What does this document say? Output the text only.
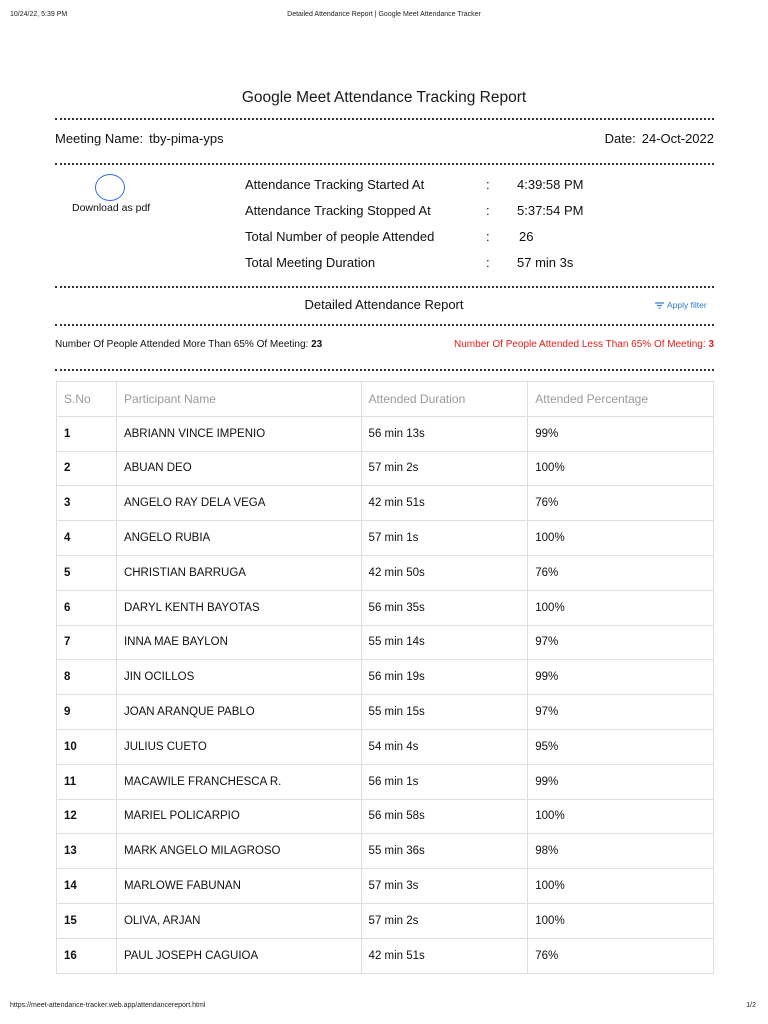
10/24/22, 5:39 PM	Detailed Attendance Report | Google Meet Attendance Tracker
Google Meet Attendance Tracking Report
Meeting Name: tby-pima-yps	Date: 24-Oct-2022
Download as pdf
Attendance Tracking Started At	: 4:39:58 PM
Attendance Tracking Stopped At	: 5:37:54 PM
Total Number of people Attended	: 26
Total Meeting Duration	: 57 min 3s
Detailed Attendance Report	Apply filter
Number Of People Attended More Than 65% Of Meeting: 23	Number Of People Attended Less Than 65% Of Meeting: 3
S.No	Participant Name	Attended Duration	Attended Percentage
1	ABRIANN VINCE IMPENIO	56 min 13s	99%
2	ABUAN DEO	57 min 2s	100%
3	ANGELO RAY DELA VEGA	42 min 51s	76%
4	ANGELO RUBIA	57 min 1s	100%
5	CHRISTIAN BARRUGA	42 min 50s	76%
6	DARYL KENTH BAYOTAS	56 min 35s	100%
7	INNA MAE BAYLON	55 min 14s	97%
8	JIN OCILLOS	56 min 19s	99%
9	JOAN ARANQUE PABLO	55 min 15s	97%
10	JULIUS CUETO	54 min 4s	95%
11	MACAWILE FRANCHESCA R.	56 min 1s	99%
12	MARIEL POLICARPIO	56 min 58s	100%
13	MARK ANGELO MILAGROSO	55 min 36s	98%
14	MARLOWE FABUNAN	57 min 3s	100%
15	OLIVA, ARJAN	57 min 2s	100%
16	PAUL JOSEPH CAGUIOA	42 min 51s	76%
https://meet-attendance-tracker.web.app/attendancereport.html	1/2
